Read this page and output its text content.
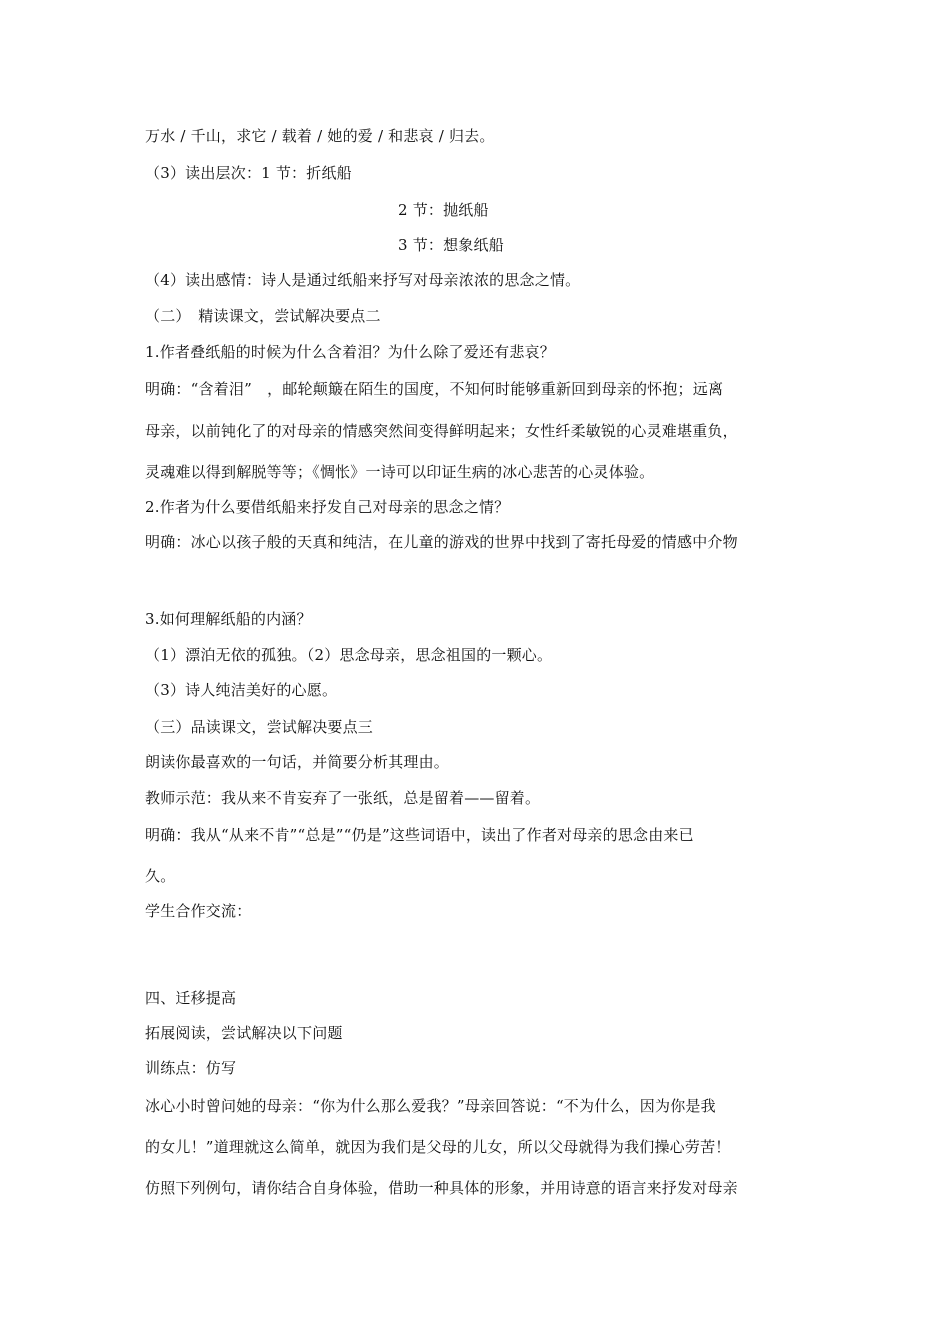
万水 / 千山，求它 / 载着 / 她的爱 / 和悲哀 / 归去。
（3）读出层次：1 节：折纸船
2 节：抛纸船
3 节：想象纸船
（4）读出感情：诗人是通过纸船来抒写对母亲浓浓的思念之情。
（二）　精读课文，尝试解决要点二
1.作者叠纸船的时候为什么含着泪？为什么除了爱还有悲哀？
明确：“含着泪”　，邮轮颠簸在陌生的国度，不知何时能够重新回到母亲的怀抱；远离
母亲，以前钝化了的对母亲的情感突然间变得鲜明起来；女性纤柔敏锐的心灵难堪重负，
灵魂难以得到解脱等等；《惆怅》一诗可以印证生病的冰心悲苦的心灵体验。
2.作者为什么要借纸船来抒发自己对母亲的思念之情？
明确：冰心以孩子般的天真和纯洁，在儿童的游戏的世界中找到了寄托母爱的情感中介物
3.如何理解纸船的内涵？
（1）漂泊无依的孤独。（2）思念母亲，思念祖国的一颗心。
（3）诗人纯洁美好的心愿。
（三）品读课文，尝试解决要点三
朗读你最喜欢的一句话，并简要分析其理由。
教师示范：我从来不肯妄弃了一张纸，总是留着——留着。
明确：我从“从来不肯”“总是”“仍是”这些词语中，读出了作者对母亲的思念由来已
久。
学生合作交流：
四、迁移提高
拓展阅读，尝试解决以下问题
训练点：仿写
冰心小时曾问她的母亲：“你为什么那么爱我？”母亲回答说：“不为什么，因为你是我
的女儿！”道理就这么简单，就因为我们是父母的儿女，所以父母就得为我们操心劳苦！
仿照下列例句，请你结合自身体验，借助一种具体的形象，并用诗意的语言来抒发对母亲
